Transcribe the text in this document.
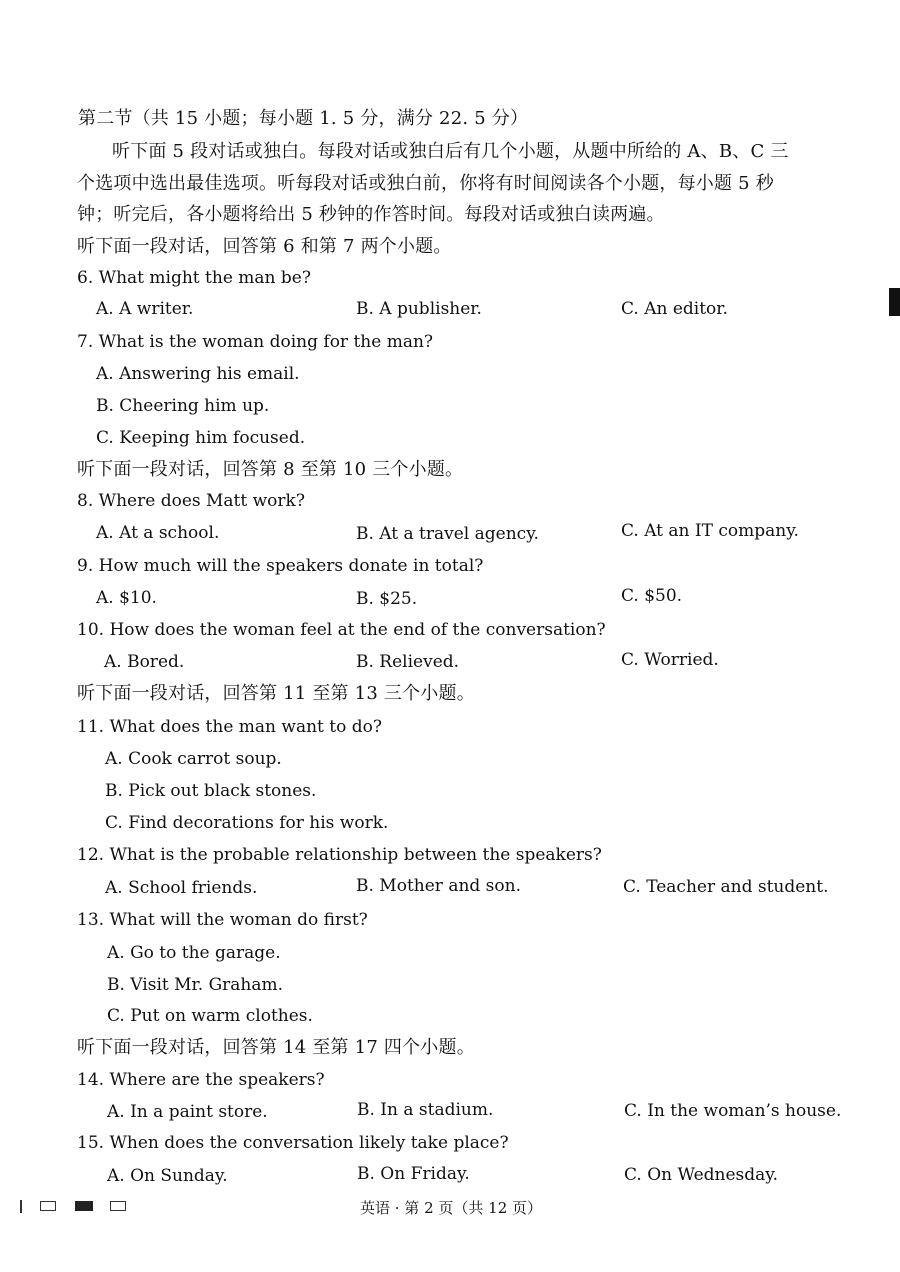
第二节（共 15 小题；每小题 1. 5 分，满分 22. 5 分）
听下面 5 段对话或独白。每段对话或独白后有几个小题，从题中所给的 A、B、C 三
个选项中选出最佳选项。听每段对话或独白前，你将有时间阅读各个小题，每小题 5 秒
钟；听完后，各小题将给出 5 秒钟的作答时间。每段对话或独白读两遍。
听下面一段对话，回答第 6 和第 7 两个小题。
6. What might the man be?
A. A writer.	B. A publisher.	C. An editor.
7. What is the woman doing for the man?
A. Answering his email.
B. Cheering him up.
C. Keeping him focused.
听下面一段对话，回答第 8 至第 10 三个小题。
8. Where does Matt work?
A. At a school.	B. At a travel agency.	C. At an IT company.
9. How much will the speakers donate in total?
A. $10.	B. $25.	C. $50.
10. How does the woman feel at the end of the conversation?
A. Bored.	B. Relieved.	C. Worried.
听下面一段对话，回答第 11 至第 13 三个小题。
11. What does the man want to do?
A. Cook carrot soup.
B. Pick out black stones.
C. Find decorations for his work.
12. What is the probable relationship between the speakers?
A. School friends.	B. Mother and son.	C. Teacher and student.
13. What will the woman do first?
A. Go to the garage.
B. Visit Mr. Graham.
C. Put on warm clothes.
听下面一段对话，回答第 14 至第 17 四个小题。
14. Where are the speakers?
A. In a paint store.	B. In a stadium.	C. In the woman’s house.
15. When does the conversation likely take place?
A. On Sunday.	B. On Friday.	C. On Wednesday.
英语 · 第 2 页（共 12 页）
